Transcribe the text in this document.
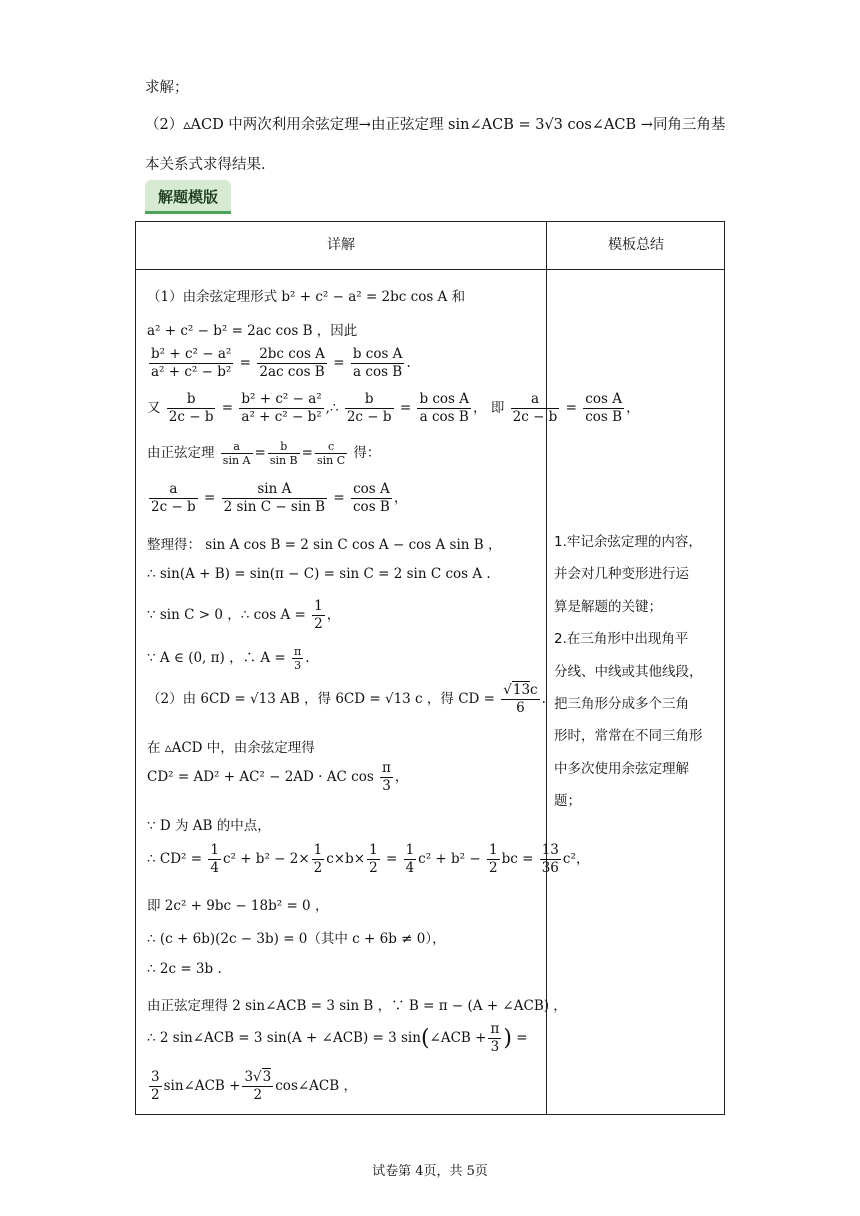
求解；
（2）▵ACD 中两次利用余弦定理→由正弦定理 sin∠ACB = 3√3 cos∠ACB →同角三角基
本关系式求得结果.
解题模版
详解	模板总结
（1）由余弦定理形式 b² + c² − a² = 2bc cos A 和
a² + c² − b² = 2ac cos B ，因此
$\frac{\text{b² + c² − a²}}{\text{a² + c² − b²}} = \frac{\text{2bc cos A}}{\text{2ac cos B}} = \frac{\text{b cos A}}{\text{a cos B}}$ .
又 $\frac{b}{2c - b} = \frac{\text{b² + c² − a²}}{\text{a² + c² − b²}}$ ,∴ $\frac{b}{2c - b} = \frac{\text{b cos A}}{\text{a cos B}}$ ， 即 $\frac{a}{2c - b} = \frac{\text{cos A}}{\text{cos B}}$ ，
由正弦定理 $\frac{a}{\text{sin A}} = \frac{b}{\text{sin B}} = \frac{c}{\text{sin C}}$ 得：
$\frac{a}{2c - b} = \frac{\text{sin A}}{\text{2 sin C − sin B}} = \frac{\text{cos A}}{\text{cos B}}$ ，
整理得： sin A cos B = 2 sin C cos A − cos A sin B ，
∴ sin(A + B) = sin(π − C) = sin C = 2 sin C cos A .
∵ sin C > 0 ，∴ $\cos A = \frac{1}{2}$ ，
∵ A ∈ (0, π) ，∴ $A = \frac{\pi}{3}$ .
（2）由 6CD = √13 AB ，得 6CD = √13 c ，得 CD = $\frac{√13c}{6}$ .
在 ▵ACD 中，由余弦定理得
CD² = AD² + AC² − 2AD · AC $\cos \frac{\pi}{3}$ ，
∵ D 为 AB 的中点，
∴ $CD^2 = \frac{1}{4} c^2 + b^2 - 2\times \frac{1}{2} c\times b\times \frac{1}{2} = \frac{1}{4} c^2 + b^2 - \frac{1}{2}$ bc = $\frac{13}{36} c^2$，
即 2c² + 9bc − 18b² = 0 ，
∴ (c + 6b)(2c − 3b) = 0（其中 c + 6b ≠ 0），
∴ 2c = 3b .
由正弦定理得 2 sin∠ACB = 3 sin B ，∵ B = π − (A + ∠ACB) ，
∴ 2 sin∠ACB = 3 sin(A + ∠ACB) = 3 sin(∠ACB + $\frac{\pi}{3}$ ) =
$\frac{3}{2}$ sin∠ACB + $\frac{3√3}{2}$ cos∠ACB ，
1.牢记余弦定理的内容，
并会对几种变形进行运
算是解题的关键；
2.在三角形中出现角平
分线、中线或其他线段，
把三角形分成多个三角
形时，常常在不同三角形
中多次使用余弦定理解
题；
试卷第 4页，共 5页
